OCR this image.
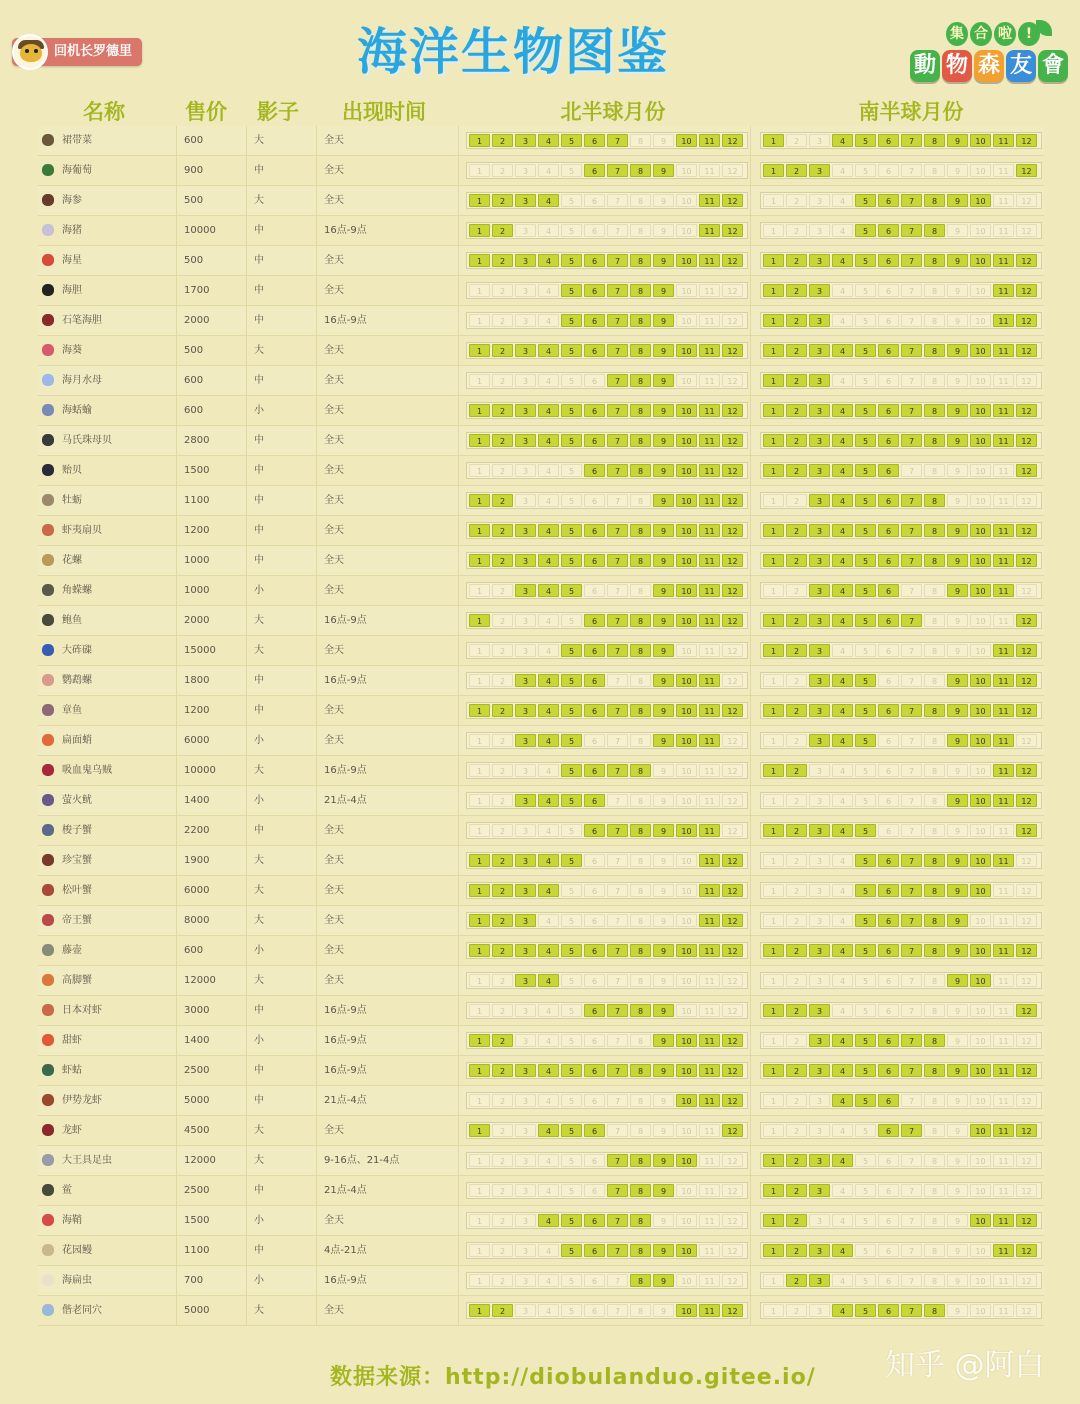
回机长罗德里	海洋生物图鉴	集 合 啦 !
動 物 森 友 會
名称	售价	影子	出现时间	北半球月份	南半球月份
裙带菜	600	大	全天	1	2	3	4	5	6	7	8	9	10	11	12	1	2	3	4	5	6	7	8	9	10	11	12
海葡萄	900	中	全天	1	2	3	4	5	6	7	8	9	10	11	12	1	2	3	4	5	6	7	8	9	10	11	12
海参	500	大	全天	1	2	3	4	5	6	7	8	9	10	11	12	1	2	3	4	5	6	7	8	9	10	11	12
海猪	10000	中	16点-9点	1	2	3	4	5	6	7	8	9	10	11	12	1	2	3	4	5	6	7	8	9	10	11	12
海星	500	中	全天	1	2	3	4	5	6	7	8	9	10	11	12	1	2	3	4	5	6	7	8	9	10	11	12
海胆	1700	中	全天	1	2	3	4	5	6	7	8	9	10	11	12	1	2	3	4	5	6	7	8	9	10	11	12
石笔海胆	2000	中	16点-9点	1	2	3	4	5	6	7	8	9	10	11	12	1	2	3	4	5	6	7	8	9	10	11	12
海葵	500	大	全天	1	2	3	4	5	6	7	8	9	10	11	12	1	2	3	4	5	6	7	8	9	10	11	12
海月水母	600	中	全天	1	2	3	4	5	6	7	8	9	10	11	12	1	2	3	4	5	6	7	8	9	10	11	12
海蛞蝓	600	小	全天	1	2	3	4	5	6	7	8	9	10	11	12	1	2	3	4	5	6	7	8	9	10	11	12
马氏珠母贝	2800	中	全天	1	2	3	4	5	6	7	8	9	10	11	12	1	2	3	4	5	6	7	8	9	10	11	12
贻贝	1500	中	全天	1	2	3	4	5	6	7	8	9	10	11	12	1	2	3	4	5	6	7	8	9	10	11	12
牡蛎	1100	中	全天	1	2	3	4	5	6	7	8	9	10	11	12	1	2	3	4	5	6	7	8	9	10	11	12
虾夷扇贝	1200	中	全天	1	2	3	4	5	6	7	8	9	10	11	12	1	2	3	4	5	6	7	8	9	10	11	12
花螺	1000	中	全天	1	2	3	4	5	6	7	8	9	10	11	12	1	2	3	4	5	6	7	8	9	10	11	12
角蝾螺	1000	小	全天	1	2	3	4	5	6	7	8	9	10	11	12	1	2	3	4	5	6	7	8	9	10	11	12
鲍鱼	2000	大	16点-9点	1	2	3	4	5	6	7	8	9	10	11	12	1	2	3	4	5	6	7	8	9	10	11	12
大砗磲	15000	大	全天	1	2	3	4	5	6	7	8	9	10	11	12	1	2	3	4	5	6	7	8	9	10	11	12
鹦鹉螺	1800	中	16点-9点	1	2	3	4	5	6	7	8	9	10	11	12	1	2	3	4	5	6	7	8	9	10	11	12
章鱼	1200	中	全天	1	2	3	4	5	6	7	8	9	10	11	12	1	2	3	4	5	6	7	8	9	10	11	12
扁面蛸	6000	小	全天	1	2	3	4	5	6	7	8	9	10	11	12	1	2	3	4	5	6	7	8	9	10	11	12
吸血鬼乌贼	10000	大	16点-9点	1	2	3	4	5	6	7	8	9	10	11	12	1	2	3	4	5	6	7	8	9	10	11	12
萤火鱿	1400	小	21点-4点	1	2	3	4	5	6	7	8	9	10	11	12	1	2	3	4	5	6	7	8	9	10	11	12
梭子蟹	2200	中	全天	1	2	3	4	5	6	7	8	9	10	11	12	1	2	3	4	5	6	7	8	9	10	11	12
珍宝蟹	1900	大	全天	1	2	3	4	5	6	7	8	9	10	11	12	1	2	3	4	5	6	7	8	9	10	11	12
松叶蟹	6000	大	全天	1	2	3	4	5	6	7	8	9	10	11	12	1	2	3	4	5	6	7	8	9	10	11	12
帝王蟹	8000	大	全天	1	2	3	4	5	6	7	8	9	10	11	12	1	2	3	4	5	6	7	8	9	10	11	12
藤壶	600	小	全天	1	2	3	4	5	6	7	8	9	10	11	12	1	2	3	4	5	6	7	8	9	10	11	12
高脚蟹	12000	大	全天	1	2	3	4	5	6	7	8	9	10	11	12	1	2	3	4	5	6	7	8	9	10	11	12
日本对虾	3000	中	16点-9点	1	2	3	4	5	6	7	8	9	10	11	12	1	2	3	4	5	6	7	8	9	10	11	12
甜虾	1400	小	16点-9点	1	2	3	4	5	6	7	8	9	10	11	12	1	2	3	4	5	6	7	8	9	10	11	12
虾蛄	2500	中	16点-9点	1	2	3	4	5	6	7	8	9	10	11	12	1	2	3	4	5	6	7	8	9	10	11	12
伊势龙虾	5000	中	21点-4点	1	2	3	4	5	6	7	8	9	10	11	12	1	2	3	4	5	6	7	8	9	10	11	12
龙虾	4500	大	全天	1	2	3	4	5	6	7	8	9	10	11	12	1	2	3	4	5	6	7	8	9	10	11	12
大王具足虫	12000	大	9-16点、21-4点	1	2	3	4	5	6	7	8	9	10	11	12	1	2	3	4	5	6	7	8	9	10	11	12
鲎	2500	中	21点-4点	1	2	3	4	5	6	7	8	9	10	11	12	1	2	3	4	5	6	7	8	9	10	11	12
海鞘	1500	小	全天	1	2	3	4	5	6	7	8	9	10	11	12	1	2	3	4	5	6	7	8	9	10	11	12
花园鳗	1100	中	4点-21点	1	2	3	4	5	6	7	8	9	10	11	12	1	2	3	4	5	6	7	8	9	10	11	12
海扁虫	700	小	16点-9点	1	2	3	4	5	6	7	8	9	10	11	12	1	2	3	4	5	6	7	8	9	10	11	12
偕老同穴	5000	大	全天	1	2	3	4	5	6	7	8	9	10	11	12	1	2	3	4	5	6	7	8	9	10	11	12
数据来源：http://diobulanduo.gitee.io/ 知乎 @阿白
